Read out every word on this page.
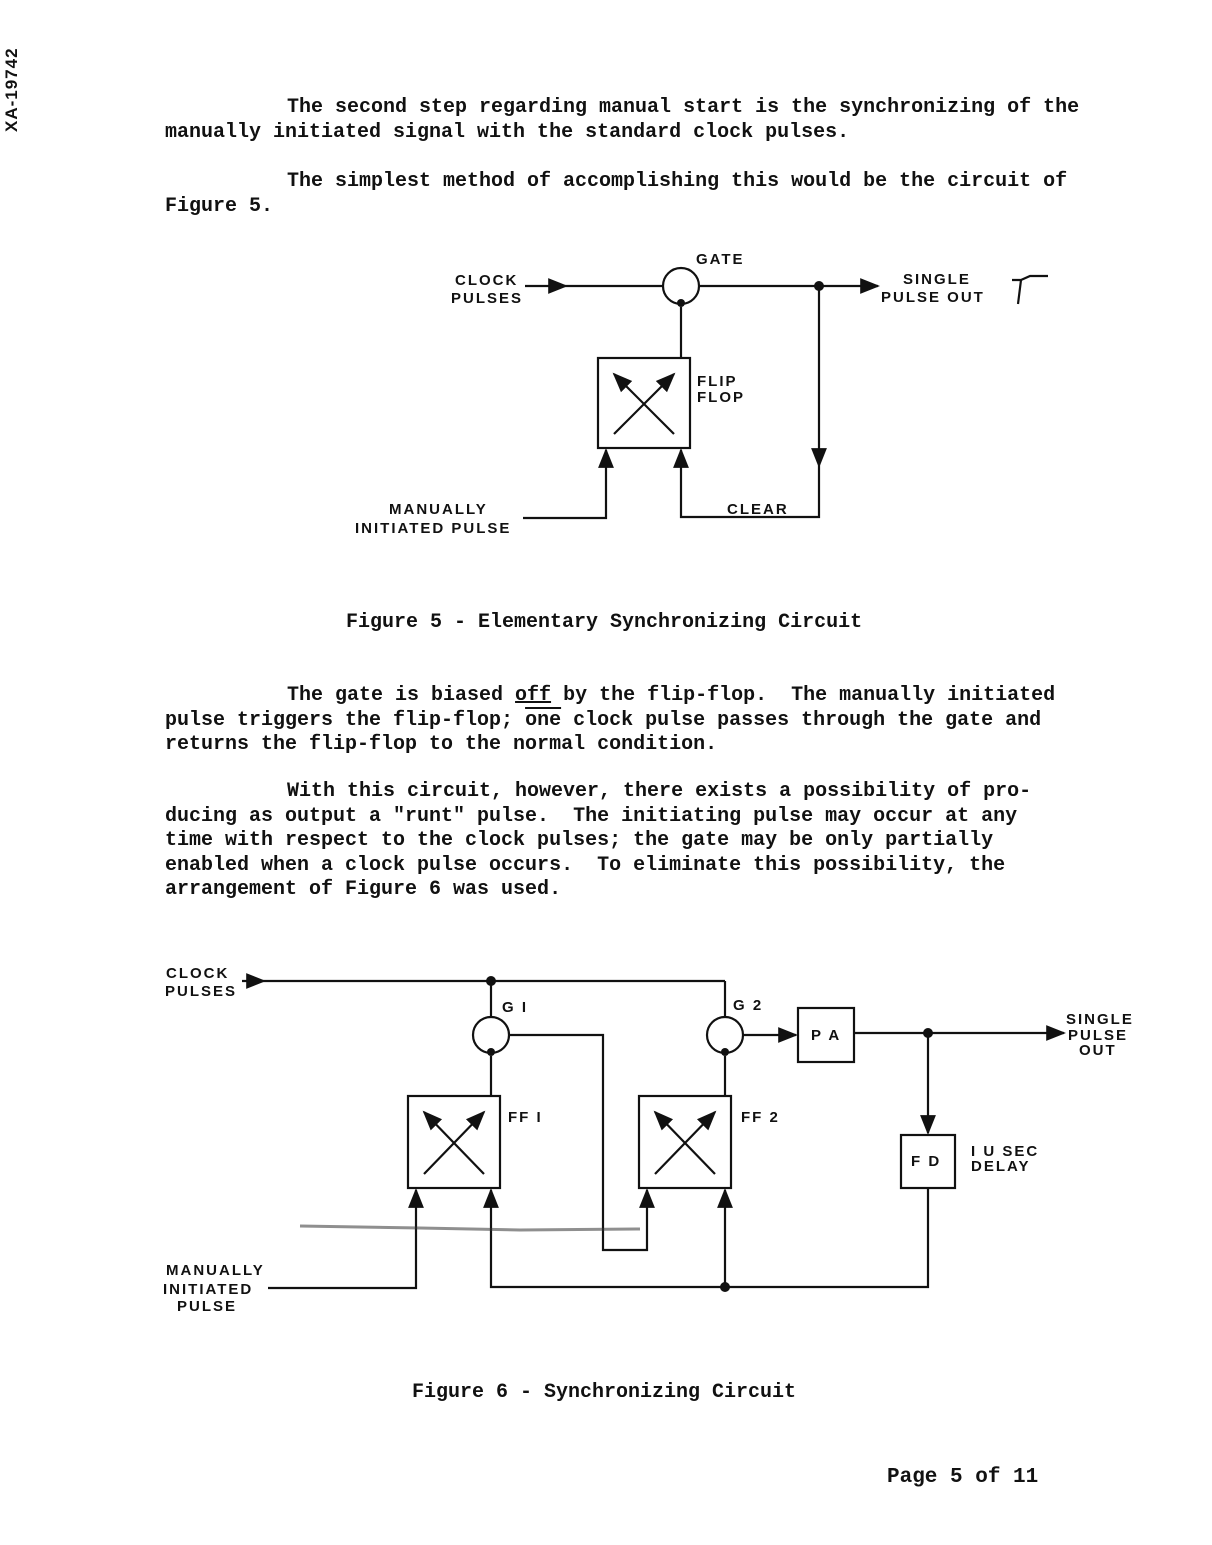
XA-19742	The second step regarding manual start is the synchronizing of the
manually initiated signal with the standard clock pulses.

The simplest method of accomplishing this would be the circuit of
Figure 5.

CLOCK
PULSES
GATE
SINGLE
PULSE OUT
FLIP
FLOP
MANUALLY
INITIATED PULSE
CLEAR
Figure 5 - Elementary Synchronizing Circuit

The gate is biased off by the flip-flop.  The manually initiated
pulse triggers the flip-flop; $\overline{one}$ clock pulse passes through the gate and
returns the flip-flop to the normal condition.

With this circuit, however, there exists a possibility of pro-
ducing as output a "runt" pulse.  The initiating pulse may occur at any
time with respect to the clock pulses; the gate may be only partially
enabled when a clock pulse occurs.  To eliminate this possibility, the
arrangement of Figure 6 was used.

CLOCK
PULSES
G I	G 2
P A
SINGLE
PULSE
OUT
FF I	FF 2
F D
I U SEC
DELAY
MANUALLY
INITIATED
PULSE
Figure 6 - Synchronizing Circuit
Page 5 of 11
